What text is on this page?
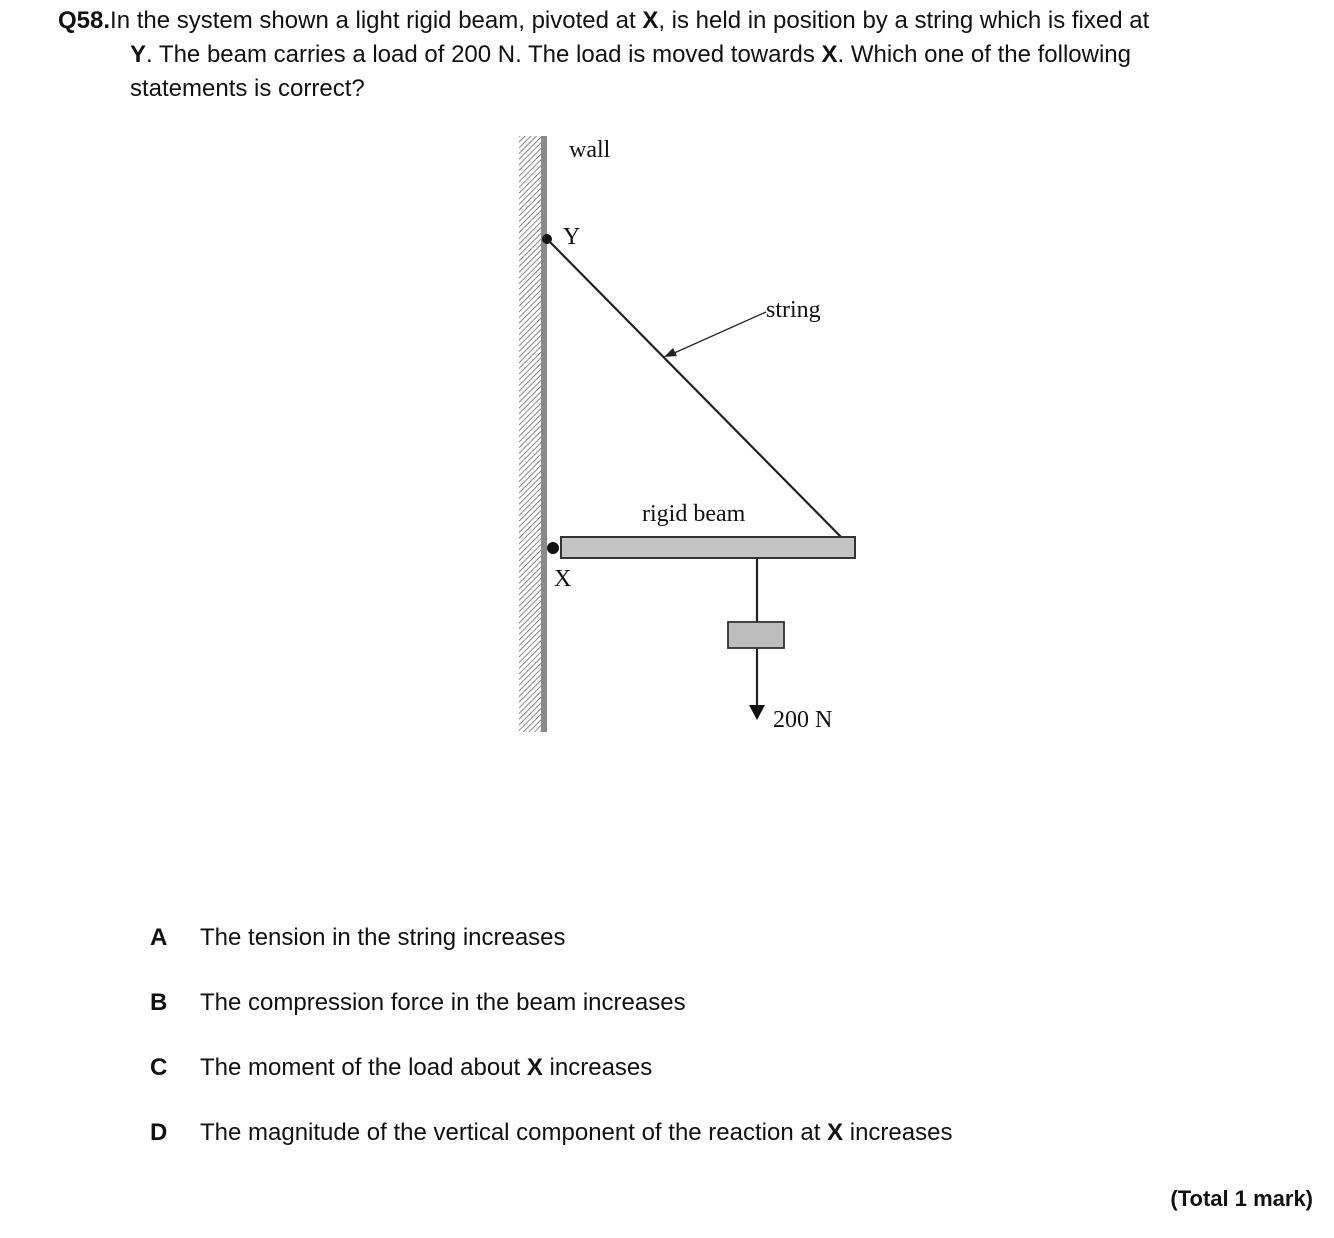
Q58.In the system shown a light rigid beam, pivoted at X, is held in position by a string which is fixed at
Y. The beam carries a load of 200 N. The load is moved towards X. Which one of the following
statements is correct?
wall
Y
string
rigid beam
X
200 N
A	The tension in the string increases
B	The compression force in the beam increases
C	The moment of the load about X increases
D	The magnitude of the vertical component of the reaction at X increases
(Total 1 mark)
